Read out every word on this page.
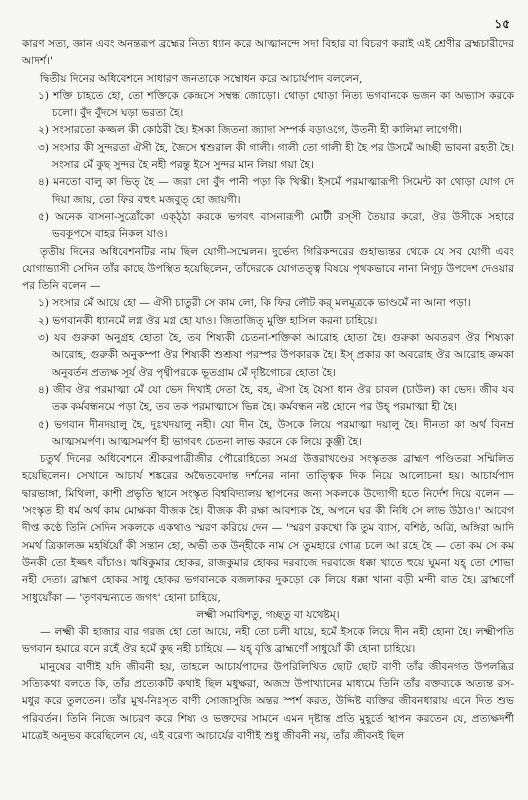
১৫

কারণ সত্য, জ্ঞান এবং অনন্তরূপ ব্রহ্মের নিত্য ধ্যান করে আত্মানন্দে সদা বিহার বা বিচরণ করাই এই শ্রেণীর ব্রহ্মচারীদের আদর্শ।'

দ্বিতীয় দিনের অধিবেশনে সাধারণ জনতাকে সম্বোধন করে আচার্যপাদ বললেন,

১) শক্তি চাহতে হো, তো শক্তিকে কেন্দ্রসে সম্বন্ধ জোড়ো। থোড়া থোড়া নিত্য ভগবানকে ভজন কা অভ্যাস করকে চলো। বুঁদ বুঁদসে ঘড়া ভরতা হৈ।

২) সংসারতো কজ্জল কী কোঠরী হৈ। ইসকা জিতনা জ্যাদা সম্পর্ক বড়াওগে, উতনী হী কালিমা লাগেগী।

৩) সংসার কী সুন্দরতা ঐসী হৈ, জৈসে শ্বশুরাল কী গালী। গালী তো গালী হী হৈ পর উসমেঁ আচ্ছী ভাবনা রহতী হৈ। সংসার মেঁ কুছ সুন্দর হৈ নহী পরন্তু ইসে সুন্দর মান লিয়া গয়া হৈ।

৪) মনতো বালু কা ভিত্ হৈ — জরা দো বুঁদ পানী পড়া কি খিস্কী। ইসমেঁ পরমাত্মারূপী সিমেন্ট কা থোড়া যোগ দে দিয়া জায়, তো ফির বহুৎ মজবুত্ হো জায়গী।

৫) অনেক বাসনা-সুত্রোঁকো এক্‌ঠ্ঠা করকে ভগবৎ বাসনারূপী মোটী রস্সী তৈয়ার করো, ঔর উসীকে সহারে ভবকূপসে বাহর নিকল যাও।

তৃতীয় দিনের অধিবেশনটির নাম ছিল যোগী-সম্মেলন। দুর্ভেদ্য গিরিকন্দরের গুহাভ্যন্তর থেকে যে সব যোগী এবং যোগাভ্যাসী সেদিন তাঁর কাছে উপস্থিত হয়েছিলেন, তাঁদেরকে যোগতত্ত্ব বিষয়ে পৃথকভাবে নানা নিগূঢ় উপদেশ দেওয়ার পর তিনি বলেন —

১) সংসার মেঁ আয়ে হো — ঐসী চাতুরী সে কাম লো, কি ফির লৌট কর্ মলমূত্রকে ভাণ্ডমেঁ না আনা পড়া।

২) ভগবানকী ধ্যানমেঁ লগ্ন ঔর মগ্ন হো যাও। জিতাজিত্ মুক্তি হাসিল করনা চাহিয়ে।

৩) যব গুরুকা অনুগ্রহ হোতা হৈ, তব শিষ্যকী চেতনা-শক্তিকা আরোহ হোতা হৈ। গুরুকা অবতরণ ঔর শিষ্যকা আরোহ, গুরুকী অনুকম্পা ঔর শিষ্যকী শুশ্রূষা পরস্পর উপকারক হৈ। ইস্ প্রকার কা অবরোহ ঔর আরোহ ক্রমকা অনুবর্তন প্রত্যক্ষ সূর্য ঔর পৃথ্বীপরকে ভূতগ্রাম মেঁ দৃষ্টিগোচর হোতা হৈ।

৪) জীব ঔর পরমাত্মা মেঁ যো ভেদ দিখাই দেতা হৈ, বহ, ঐসা হৈ যৈসা ধান ঔর চাবল (চাউল) কা ভেদ। জীব যব তক কর্মবন্ধনমে পড়া হৈ, তব তক পরমাত্মাসে ভিন্ন হৈ। কর্মবন্ধন নষ্ট হোনে পর উহ্ পরমাত্মা হী হৈ।

৫) ভগবান দীনদয়ালু হৈ, দুঃখদয়ালু নহী। যো দীন হৈ, উসকে লিয়ে পরমাত্মা দয়ালু হৈ। দীনতা কা অর্থ বিনম্র আত্মসমর্পণ। আত্মসমর্পণ হী ভাগবৎ চেতনা লাভ করনে কে লিয়ে কুঞ্জী হৈ।

চতুর্থ দিনের অধিবেশনে শ্রীকরপাত্রীজীর পৌরোহিত্যে সমগ্র উত্তরাখণ্ডের সংস্কৃতজ্ঞ ব্রাহ্মণ পণ্ডিতরা সম্মিলিত হয়েছিলেন। সেখানে আচার্য শঙ্করের অদ্বৈতবেদান্ত দর্শনের নানা তাত্ত্বিক দিক নিয়ে আলোচনা হয়। আচার্যপাদ দ্বারভাঙ্গা, মিথিলা, কাশী প্রভৃতি স্থানে সংস্কৃত বিশ্ববিদ্যালয় স্থাপনের জন্য সকলকে উদ্যোগী হতে নির্দেশ দিয়ে বলেন — 'সংস্কৃত হী ধর্ম অর্থ কাম মোক্ষকা বীজক হৈ। বীজক কী রক্ষা আবশ্যক হৈ, অপনে ঘর কী নিধি সে লাভ উঠাও।' আবেগ দীপ্ত কণ্ঠে তিনি সেদিন সকলকে একথাও স্মরণ করিয়ে দেন — 'স্মরণ রকখো কি তুম ব্যাস, বশিষ্ঠ, অত্রি, অঙ্গিরা আদি সমর্থ ত্রিকালজ্ঞ মহর্ষিয়োঁ কী সন্তান হো, অভী তক উন্হীকে নাম সে তুমহারে গোত্র চলে আ রহে হৈ — তো কম সে কম উনকী তো ইজ্জৎ বাঁচাও। ঋষিকুমার হোকর, রাজকুমার হোকর দরবাজে দরবাজে ধক্কা খাতে হুয়ে ঘুমনা যহ্ তো শোভা নহী দেতা। ব্রাহ্মণ হোকর সাধু হোকর ভগবানকে বজলাকর দুকড়ো কে লিয়ে ধক্কা খানা বড়ী মন্দী বাত হৈ। ব্রাহ্মণোঁ সাধুয়োঁকা — 'তৃণবন্মন্যতে জগৎ' হোনা চাহিয়ে,

লক্ষ্মী সমাবিশতু, গচ্ছতু বা যথেষ্টম্।

— লক্ষ্মী কী হাজার বার গরজ হো তো আয়ে, নহী তো চলী যায়ে, হমেঁ ইসকে লিয়ে দীন নহী হোনা হৈ। লক্ষ্মীপতি ভগবান হমারে বনে রহেঁ ঔর হমেঁ কুছ নহী চাহিয়ে — যহ্ বৃত্তি ব্রাহ্মণোঁ সাধুয়োঁ কী হোনা চাহিয়ে।

মানুষের বাণীই যদি জীবনী হয়, তাহলে আচার্যপাদের উপরিলিখিত ছোট ছোট বাণী তাঁর জীবনগত উপলব্ধির সত্যিকথা বলতে কি, তাঁর প্রত্যেকটি কথাই ছিল মধুক্ষরা, অজস্র উপাখ্যানের মাধ্যমে তিনি তাঁর বক্তব্যকে অত্যন্ত রস-মধুর করে তুলতেন। তাঁর মুখ-নিঃসৃত বাণী সোজাসুজি অন্তর স্পর্শ করত, উদ্দিষ্ট ব্যক্তির জীবনধারায় এনে দিত শুভ পরিবর্তন। তিনি নিজে আচরণ করে শিষ্য ও ভক্তদের সামনে এমন দৃষ্টান্ত প্রতি মুহূর্তে স্থাপন করতেন যে, প্রত্যক্ষদর্শী মাত্রেই অনুভব করেছিলেন যে, এই বরেণ্য আচার্যের বাণীই শুধু জীবনী নয়, তাঁর জীবনই ছিল
